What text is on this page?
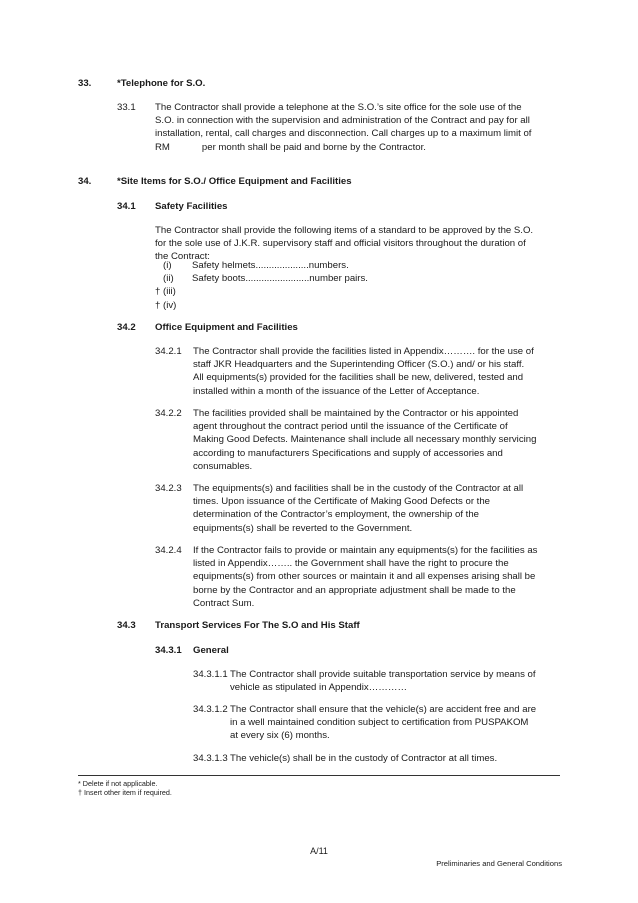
33.	*Telephone for S.O.
33.1 The Contractor shall provide a telephone at the S.O.’s site office for the sole use of the
S.O. in connection with the supervision and administration of the Contract and pay for all
installation, rental, call charges and disconnection. Call charges up to a maximum limit of
RM            per month shall be paid and borne by the Contractor.
34.	*Site Items for S.O./ Office Equipment and Facilities
34.1 Safety Facilities
The Contractor shall provide the following items of a standard to be approved by the S.O.
for the sole use of J.K.R. supervisory staff and official visitors throughout the duration of
the Contract:
(i) Safety helmets....................numbers.
(ii) Safety boots........................number pairs.
† (iii)
† (iv)
34.2 Office Equipment and Facilities
34.2.1 The Contractor shall provide the facilities listed in Appendix………. for the use of
staff JKR Headquarters and the Superintending Officer (S.O.) and/ or his staff.
All equipments(s) provided for the facilities shall be new, delivered, tested and
installed within a month of the issuance of the Letter of Acceptance.
34.2.2 The facilities provided shall be maintained by the Contractor or his appointed
agent throughout the contract period until the issuance of the Certificate of
Making Good Defects. Maintenance shall include all necessary monthly servicing
according to manufacturers Specifications and supply of accessories and
consumables.
34.2.3 The equipments(s) and facilities shall be in the custody of the Contractor at all
times. Upon issuance of the Certificate of Making Good Defects or the
determination of the Contractor’s employment, the ownership of the
equipments(s) shall be reverted to the Government.
34.2.4 If the Contractor fails to provide or maintain any equipments(s) for the facilities as
listed in Appendix…….. the Government shall have the right to procure the
equipments(s) from other sources or maintain it and all expenses arising shall be
borne by the Contractor and an appropriate adjustment shall be made to the
Contract Sum.
34.3 Transport Services For The S.O and His Staff
34.3.1 General
34.3.1.1 The Contractor shall provide suitable transportation service by means of
vehicle as stipulated in Appendix…………
34.3.1.2 The Contractor shall ensure that the vehicle(s) are accident free and are
in a well maintained condition subject to certification from PUSPAKOM
at every six (6) months.
34.3.1.3 The vehicle(s) shall be in the custody of Contractor at all times.
* Delete if not applicable.
† Insert other item if required.
A/11
Preliminaries and General Conditions
